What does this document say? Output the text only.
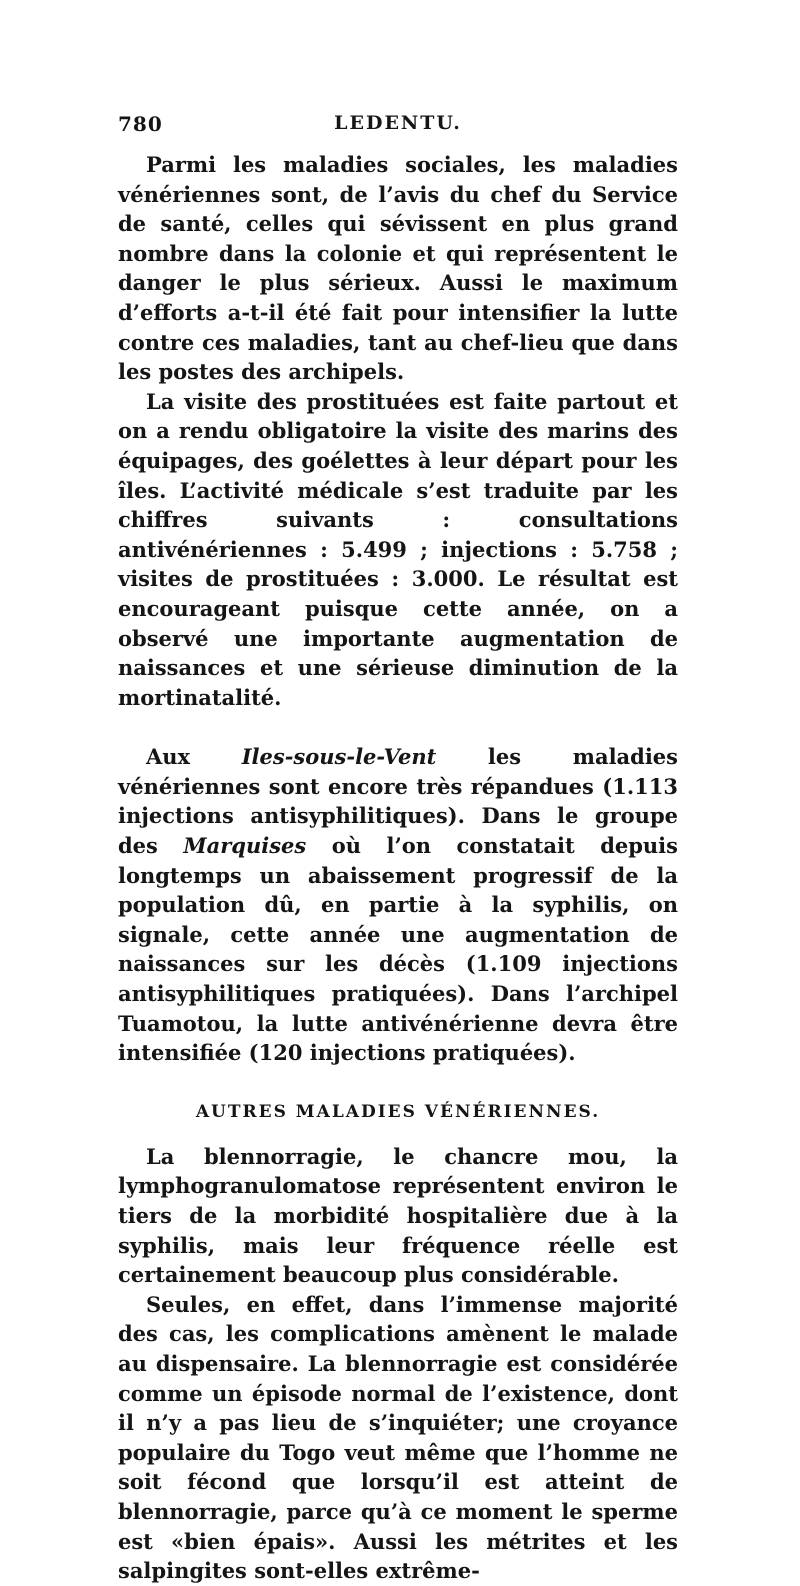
780	LEDENTU.

Parmi les maladies sociales, les maladies vénériennes sont, de l’avis du chef du Service de santé, celles qui sévissent en plus grand nombre dans la colonie et qui représentent le danger le plus sérieux. Aussi le maximum d’efforts a-t-il été fait pour intensifier la lutte contre ces maladies, tant au chef-lieu que dans les postes des archipels.

La visite des prostituées est faite partout et on a rendu obligatoire la visite des marins des équipages, des goélettes à leur départ pour les îles. L’activité médicale s’est traduite par les chiffres suivants : consultations antivénériennes : 5.499 ; injections : 5.758 ; visites de prostituées : 3.000. Le résultat est encourageant puisque cette année, on a observé une importante augmentation de naissances et une sérieuse diminution de la mortinatalité.

Aux Iles-sous-le-Vent les maladies vénériennes sont encore très répandues (1.113 injections antisyphilitiques). Dans le groupe des Marquises où l’on constatait depuis longtemps un abaissement progressif de la population dû, en partie à la syphilis, on signale, cette année une augmentation de naissances sur les décès (1.109 injections antisyphilitiques pratiquées). Dans l’archipel Tuamotou, la lutte antivénérienne devra être intensifiée (120 injections pratiquées).

AUTRES MALADIES VÉNÉRIENNES.

La blennorragie, le chancre mou, la lymphogranulomatose représentent environ le tiers de la morbidité hospitalière due à la syphilis, mais leur fréquence réelle est certainement beaucoup plus considérable.

Seules, en effet, dans l’immense majorité des cas, les complications amènent le malade au dispensaire. La blennorragie est considérée comme un épisode normal de l’existence, dont il n’y a pas lieu de s’inquiéter; une croyance populaire du Togo veut même que l’homme ne soit fécond que lorsqu’il est atteint de blennorragie, parce qu’à ce moment le sperme est «bien épais». Aussi les métrites et les salpingites sont-elles extrême-
